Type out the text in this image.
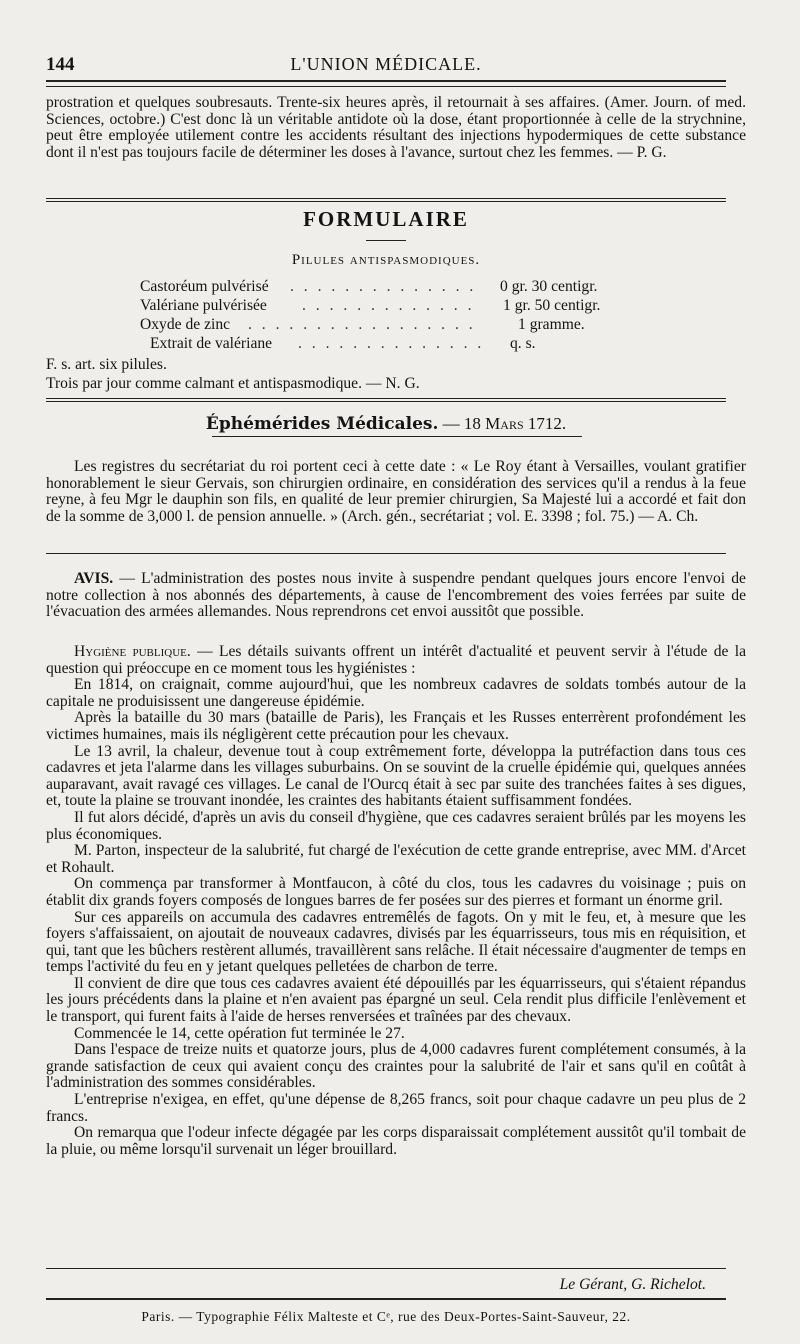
144	L'UNION MÉDICALE.

prostration et quelques soubresauts. Trente-six heures après, il retournait à ses affaires. (Amer. Journ. of med. Sciences, octobre.) C'est donc là un véritable antidote où la dose, étant proportionnée à celle de la strychnine, peut être employée utilement contre les accidents résultant des injections hypodermiques de cette substance dont il n'est pas toujours facile de déterminer les doses à l'avance, surtout chez les femmes. — P. G.

FORMULAIRE
Pilules antispasmodiques.
Castoréum pulvérisé . . . . . . . . . . . . . . 0 gr. 30 centigr.
Valériane pulvérisée . . . . . . . . . . . . . 1 gr. 50 centigr.
Oxyde de zinc . . . . . . . . . . . . . . . . .	1 gramme.
Extrait de valériane . . . . . . . . . . . . . . q. s.

F. s. art. six pilules.

Trois par jour comme calmant et antispasmodique. — N. G.

Éphémérides Médicales. — 18 Mars 1712.

Les registres du secrétariat du roi portent ceci à cette date : « Le Roy étant à Versailles, voulant gratifier honorablement le sieur Gervais, son chirurgien ordinaire, en considération des services qu'il a rendus à la feue reyne, à feu Mgr le dauphin son fils, en qualité de leur premier chirurgien, Sa Majesté lui a accordé et fait don de la somme de 3,000 l. de pension annuelle. » (Arch. gén., secrétariat ; vol. E. 3398 ; fol. 75.) — A. Ch.

AVIS. — L'administration des postes nous invite à suspendre pendant quelques jours encore l'envoi de notre collection à nos abonnés des départements, à cause de l'encombrement des voies ferrées par suite de l'évacuation des armées allemandes. Nous reprendrons cet envoi aussitôt que possible.

Hygiène publique. — Les détails suivants offrent un intérêt d'actualité et peuvent servir à l'étude de la question qui préoccupe en ce moment tous les hygiénistes :

En 1814, on craignait, comme aujourd'hui, que les nombreux cadavres de soldats tombés autour de la capitale ne produisissent une dangereuse épidémie.

Après la bataille du 30 mars (bataille de Paris), les Français et les Russes enterrèrent profondément les victimes humaines, mais ils négligèrent cette précaution pour les chevaux.

Le 13 avril, la chaleur, devenue tout à coup extrêmement forte, développa la putréfaction dans tous ces cadavres et jeta l'alarme dans les villages suburbains. On se souvint de la cruelle épidémie qui, quelques années auparavant, avait ravagé ces villages. Le canal de l'Ourcq était à sec par suite des tranchées faites à ses digues, et, toute la plaine se trouvant inondée, les craintes des habitants étaient suffisamment fondées.

Il fut alors décidé, d'après un avis du conseil d'hygiène, que ces cadavres seraient brûlés par les moyens les plus économiques.

M. Parton, inspecteur de la salubrité, fut chargé de l'exécution de cette grande entreprise, avec MM. d'Arcet et Rohault.

On commença par transformer à Montfaucon, à côté du clos, tous les cadavres du voisinage ; puis on établit dix grands foyers composés de longues barres de fer posées sur des pierres et formant un énorme gril.

Sur ces appareils on accumula des cadavres entremêlés de fagots. On y mit le feu, et, à mesure que les foyers s'affaissaient, on ajoutait de nouveaux cadavres, divisés par les équarrisseurs, tous mis en réquisition, et qui, tant que les bûchers restèrent allumés, travaillèrent sans relâche. Il était nécessaire d'augmenter de temps en temps l'activité du feu en y jetant quelques pelletées de charbon de terre.

Il convient de dire que tous ces cadavres avaient été dépouillés par les équarrisseurs, qui s'étaient répandus les jours précédents dans la plaine et n'en avaient pas épargné un seul. Cela rendit plus difficile l'enlèvement et le transport, qui furent faits à l'aide de herses renversées et traînées par des chevaux.

Commencée le 14, cette opération fut terminée le 27.

Dans l'espace de treize nuits et quatorze jours, plus de 4,000 cadavres furent complétement consumés, à la grande satisfaction de ceux qui avaient conçu des craintes pour la salubrité de l'air et sans qu'il en coûtât à l'administration des sommes considérables.

L'entreprise n'exigea, en effet, qu'une dépense de 8,265 francs, soit pour chaque cadavre un peu plus de 2 francs.

On remarqua que l'odeur infecte dégagée par les corps disparaissait complétement aussitôt qu'il tombait de la pluie, ou même lorsqu'il survenait un léger brouillard.

Le Gérant, G. Richelot.
Paris. — Typographie Félix Malteste et Cᵉ, rue des Deux-Portes-Saint-Sauveur, 22.
